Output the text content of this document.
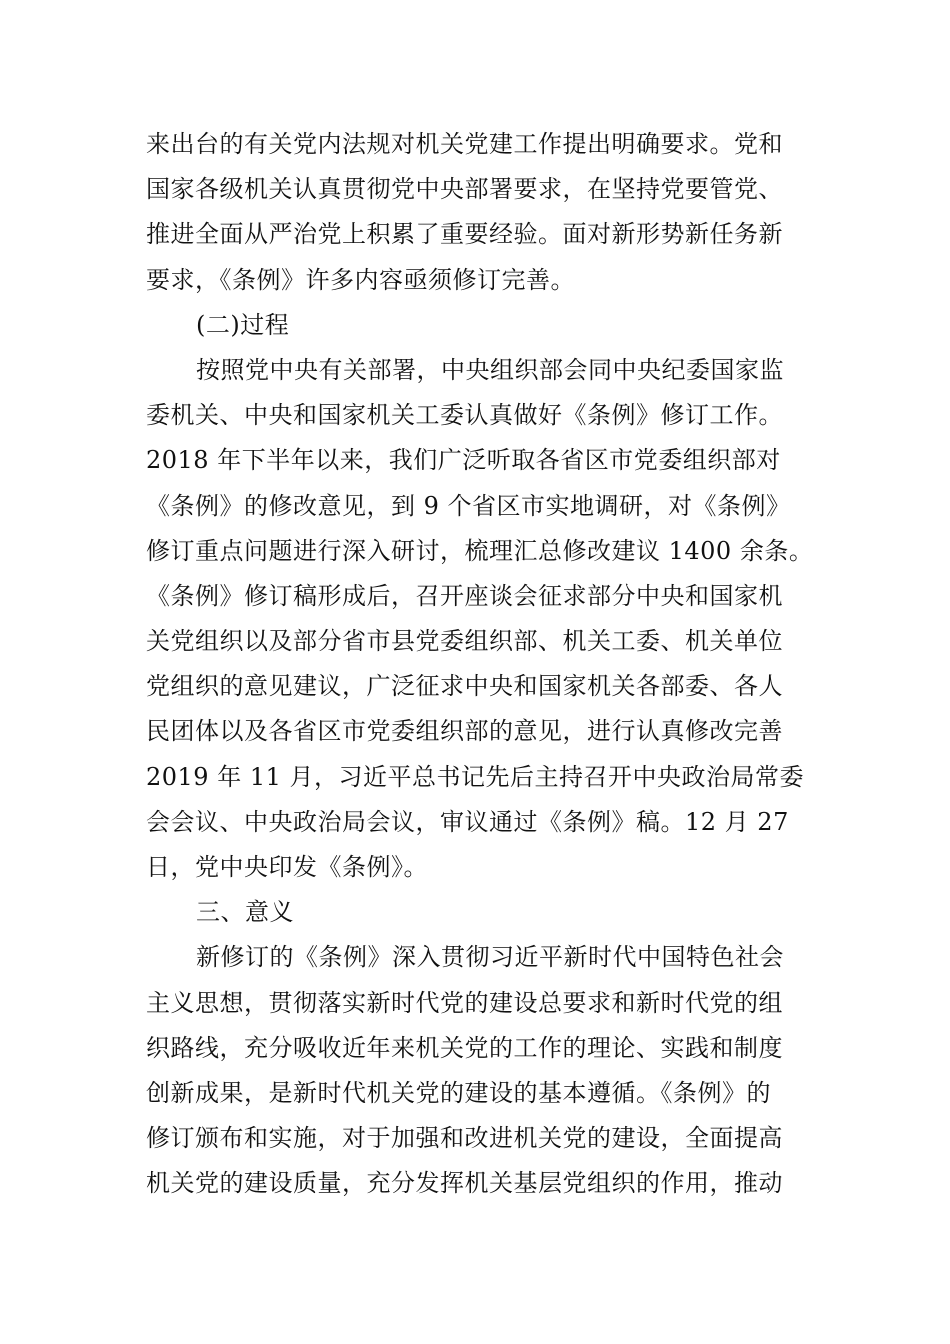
来出台的有关党内法规对机关党建工作提出明确要求。党和
国家各级机关认真贯彻党中央部署要求，在坚持党要管党、
推进全面从严治党上积累了重要经验。面对新形势新任务新
要求，《条例》许多内容亟须修订完善。
(二)过程
按照党中央有关部署，中央组织部会同中央纪委国家监
委机关、中央和国家机关工委认真做好《条例》修订工作。
2018 年下半年以来，我们广泛听取各省区市党委组织部对
《条例》的修改意见，到 9 个省区市实地调研，对《条例》
修订重点问题进行深入研讨，梳理汇总修改建议 1400 余条。
《条例》修订稿形成后，召开座谈会征求部分中央和国家机
关党组织以及部分省市县党委组织部、机关工委、机关单位
党组织的意见建议，广泛征求中央和国家机关各部委、各人
民团体以及各省区市党委组织部的意见，进行认真修改完善
2019 年 11 月，习近平总书记先后主持召开中央政治局常委
会会议、中央政治局会议，审议通过《条例》稿。12 月 27
日，党中央印发《条例》。
三、意义
新修订的《条例》深入贯彻习近平新时代中国特色社会
主义思想，贯彻落实新时代党的建设总要求和新时代党的组
织路线，充分吸收近年来机关党的工作的理论、实践和制度
创新成果，是新时代机关党的建设的基本遵循。《条例》的
修订颁布和实施，对于加强和改进机关党的建设，全面提高
机关党的建设质量，充分发挥机关基层党组织的作用，推动
